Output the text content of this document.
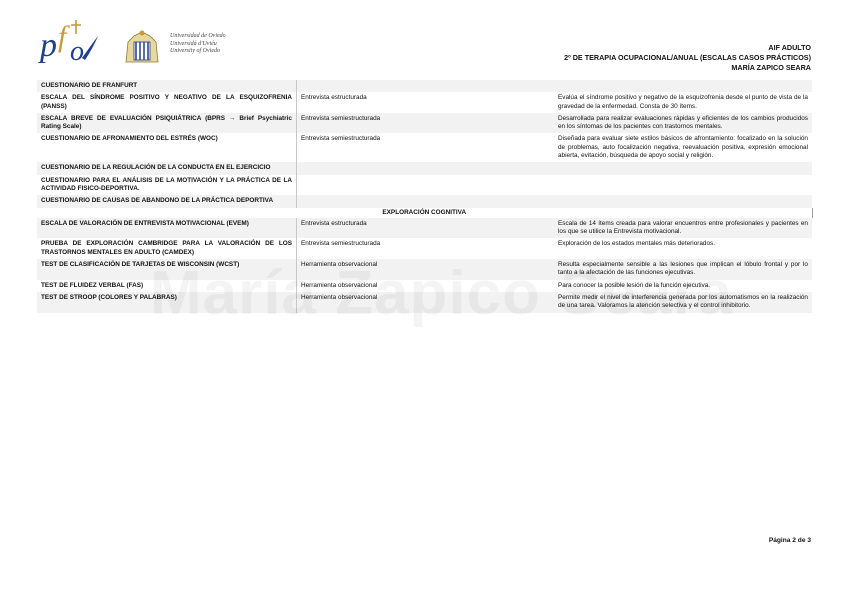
p f o	Universidad de Oviedo
Universidá d'Uviéu
University of Oviedo	AIF ADULTO
2º DE TERAPIA OCUPACIONAL/ANUAL (ESCALAS CASOS PRÁCTICOS)
MARÍA ZAPICO SEARA
CUESTIONARIO DE FRANFURT		
ESCALA DEL SÍNDROME POSITIVO Y NEGATIVO DE LA ESQUIZOFRENIA (PANSS)	Entrevista estructurada	Evalúa el síndrome positivo y negativo de la esquizofrenia desde el punto de vista de la gravedad de la enfermedad. Consta de 30 ítems.
ESCALA BREVE DE EVALUACIÓN PSIQUIÁTRICA (BPRS → Brief Psychiatric Rating Scale)	Entrevista semiestructurada	Desarrollada para realizar evaluaciones rápidas y eficientes de los cambios producidos en los síntomas de los pacientes con trastornos mentales.
CUESTIONARIO DE AFRONAMIENTO DEL ESTRÉS (WOC)	Entrevista semiestructurada	Diseñada para evaluar siete estilos básicos de afrontamiento: focalizado en la solución de problemas, auto focalización negativa, reevaluación positiva, expresión emocional abierta, evitación, búsqueda de apoyo social y religión.
CUESTIONARIO DE LA REGULACIÓN DE LA CONDUCTA EN EL EJERCICIO		
CUESTIONARIO PARA EL ANÁLISIS DE LA MOTIVACIÓN Y LA PRÁCTICA DE LA ACTIVIDAD FISICO-DEPORTIVA.		
CUESTIONARIO DE CAUSAS DE ABANDONO DE LA PRÁCTICA DEPORTIVA		
EXPLORACIÓN COGNITIVA		
ESCALA DE VALORACIÓN DE ENTREVISTA MOTIVACIONAL (EVEM)	Entrevista estructurada	Escala de 14 ítems creada para valorar encuentros entre profesionales y pacientes en los que se utilice la Entrevista motivacional.
PRUEBA DE EXPLORACIÓN CAMBRIDGE PARA LA VALORACIÓN DE LOS TRASTORNOS MENTALES EN ADULTO (CAMDEX)	Entrevista semiestructurada	Exploración de los estados mentales más deteriorados.
TEST DE CLASIFICACIÓN DE TARJETAS DE WISCONSIN (WCST)	Herramienta observacional	Resulta especialmente sensible a las lesiones que implican el lóbulo frontal y por lo tanto a la afectación de las funciones ejecutivas.
TEST DE FLUIDEZ VERBAL (FAS)	Herramienta observacional	Para conocer la posible lesión de la función ejecutiva.
TEST DE STROOP (COLORES Y PALABRAS)	Herramienta observacional	Permite medir el nivel de interferencia generada por los automatismos en la realización de una tarea. Valoramos la atención selectiva y el control inhibitorio.
Página 2 de 3
